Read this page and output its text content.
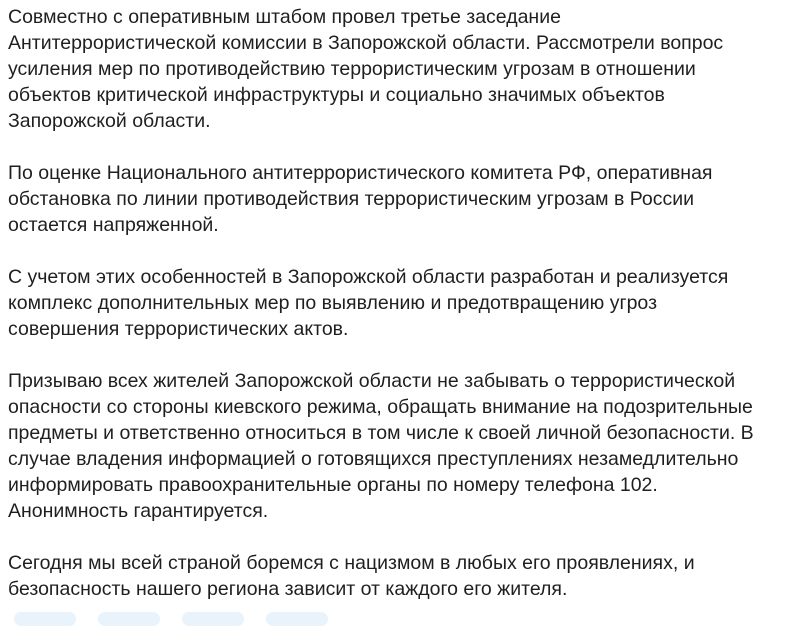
Совместно с оперативным штабом провел третье заседание
Антитеррористической комиссии в Запорожской области. Рассмотрели вопрос
усиления мер по противодействию террористическим угрозам в отношении
объектов критической инфраструктуры и социально значимых объектов
Запорожской области.
По оценке Национального антитеррористического комитета РФ, оперативная
обстановка по линии противодействия террористическим угрозам в России
остается напряженной.
С учетом этих особенностей в Запорожской области разработан и реализуется
комплекс дополнительных мер по выявлению и предотвращению угроз
совершения террористических актов.
Призываю всех жителей Запорожской области не забывать о террористической
опасности со стороны киевского режима, обращать внимание на подозрительные
предметы и ответственно относиться в том числе к своей личной безопасности. В
случае владения информацией о готовящихся преступлениях незамедлительно
информировать правоохранительные органы по номеру телефона 102.
Анонимность гарантируется.
Сегодня мы всей страной боремся с нацизмом в любых его проявлениях, и
безопасность нашего региона зависит от каждого его жителя.
